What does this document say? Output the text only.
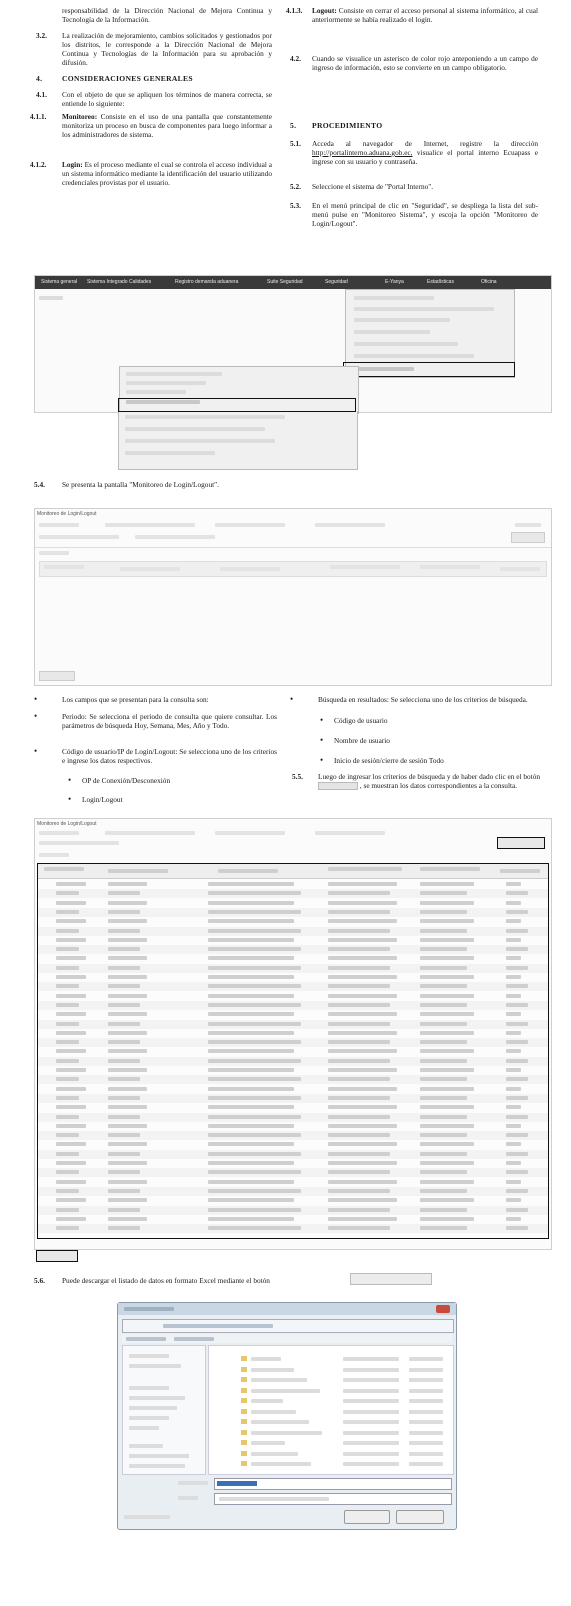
responsabilidad de la Dirección Nacional de Mejora Continua y Tecnología de la Información.
3.2. La realización de mejoramiento, cambios solicitados y gestionados por los distritos, le corresponde a la Dirección Nacional de Mejora Continua y Tecnologías de la Información para su aprobación y difusión.
4.	CONSIDERACIONES GENERALES
4.1. Con el objeto de que se apliquen los términos de manera correcta, se entiende lo siguiente:
4.1.1. Monitoreo: Consiste en el uso de una pantalla que constantemente monitoriza un proceso en busca de componentes para luego informar a los administradores de sistema.
4.1.2. Login: Es el proceso mediante el cual se controla el acceso individual a un sistema informático mediante la identificación del usuario utilizando credenciales provistas por el usuario.
4.1.3. Logout: Consiste en cerrar el acceso personal al sistema informático, al cual anteriormente se había realizado el login.
4.2. Cuando se visualice un asterisco de color rojo anteponiendo a un campo de ingreso de información, esto se convierte en un campo obligatorio.
5. PROCEDIMIENTO
5.1. Acceda al navegador de Internet, registre la dirección http://portalinterno.aduana.gob.ec, visualice el portal interno Ecuapass e ingrese con su usuario y contraseña.
5.2. Seleccione el sistema de "Portal Interno".
5.3. En el menú principal de clic en "Seguridad", se despliega la lista del sub-menú pulse en "Monitoreo Sistema", y escoja la opción "Monitoreo de Login/Logout".
Sistema general Sistema Integrado Calidades	Registro demanda aduanera	Suite Seguridad	Seguridad	E-Yanya	Estadísticas	Oficina
5.4. Se presenta la pantalla "Monitoreo de Login/Logout".
Monitoreo de Login/Logout
•	Los campos que se presentan para la consulta son:
•	Periodo: Se selecciona el periodo de consulta que quiere consultar. Los parámetros de búsqueda Hoy, Semana, Mes, Año y Todo.
•	Código de usuario/IP de Login/Logout: Se selecciona uno de los criterios e ingrese los datos respectivos.
• OP de Conexión/Desconexión
• Login/Logout
•	Búsqueda en resultados: Se selecciona uno de los criterios de búsqueda.
• Código de usuario
• Nombre de usuario
• Inicio de sesión/cierre de sesión Todo
5.5. Luego de ingresar los criterios de búsqueda y de haber dado clic en el botón  , se muestran los datos correspondientes a la consulta.
Monitoreo de Login/Logout
5.6. Puede descargar el listado de datos en formato Excel mediante el botón
